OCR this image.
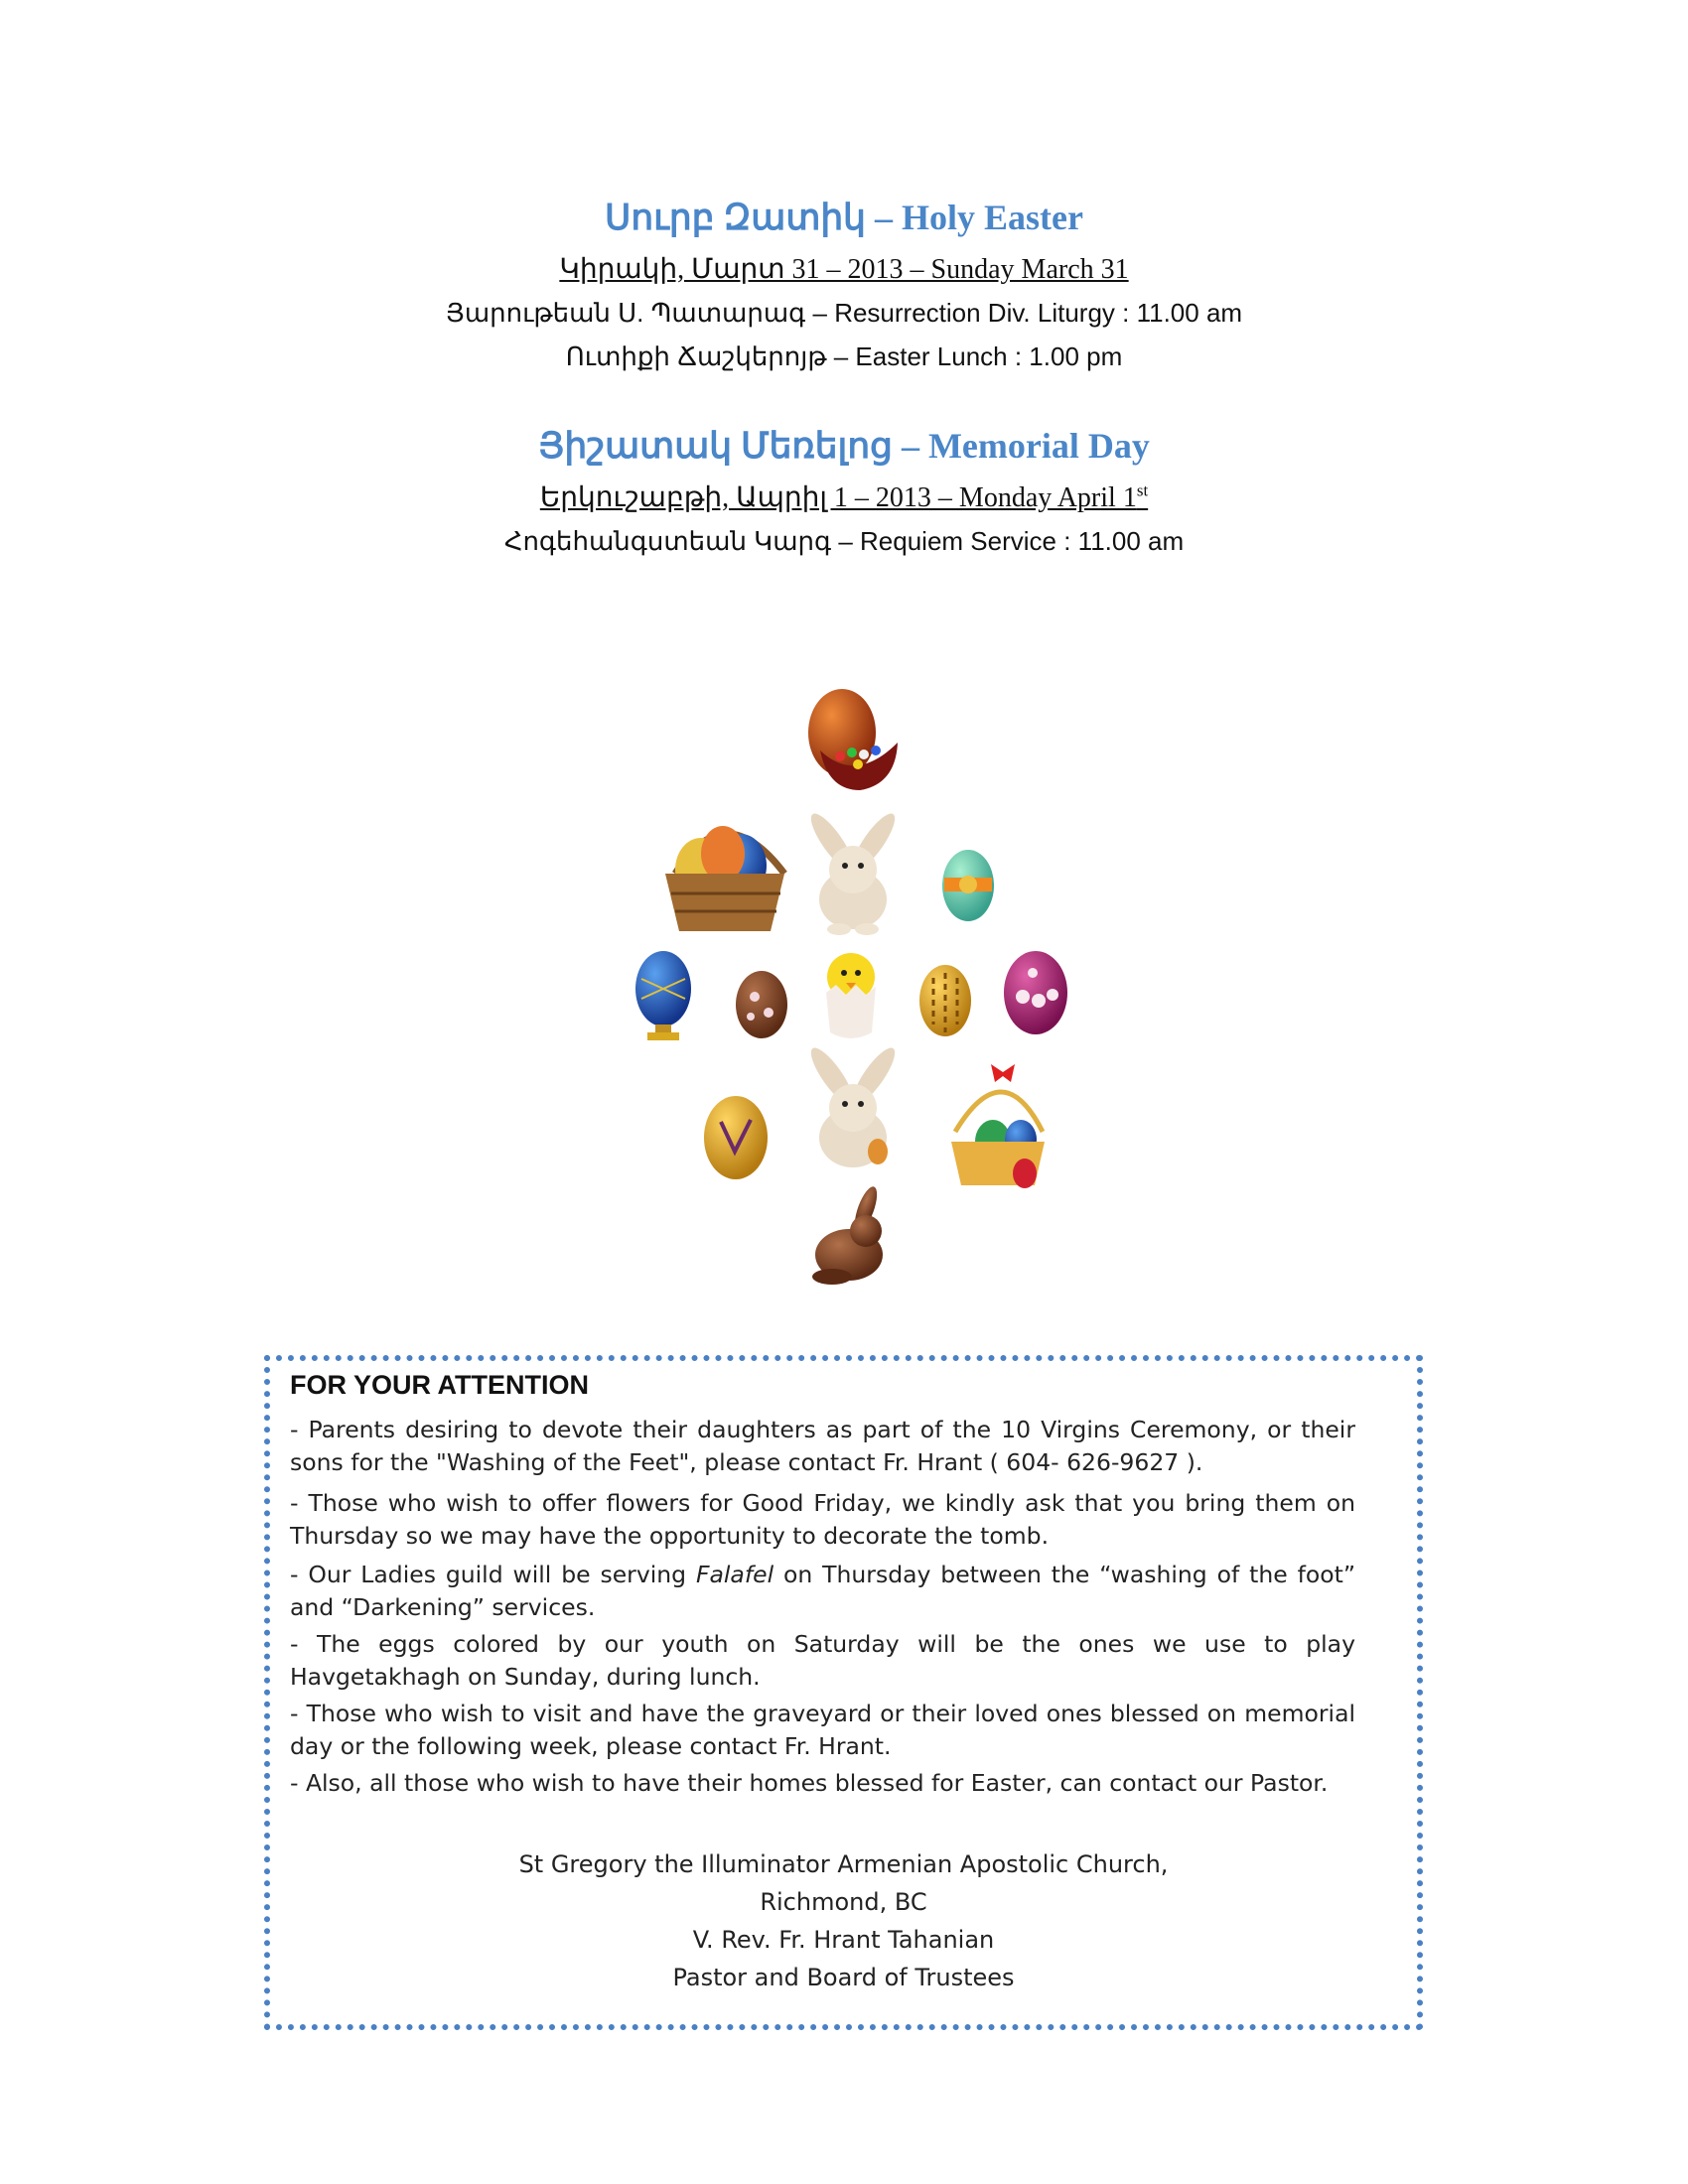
Սուրբ Զատիկ – Holy Easter
Կիրակի, Մարտ 31 – 2013 – Sunday March 31
Յարութեան Ս. Պատարագ – Resurrection Div. Liturgy : 11.00 am
Ուտիքի Ճաշկերոյթ – Easter Lunch : 1.00 pm
Յիշատակ Մեռելոց – Memorial Day
Երկուշաբթի, Ապրիլ 1 – 2013 – Monday April 1st
Հոգեհանգստեան Կարգ – Requiem Service : 11.00 am
FOR YOUR ATTENTION
- Parents desiring to devote their daughters as part of the 10 Virgins Ceremony, or their sons for the "Washing of the Feet", please contact Fr. Hrant ( 604- 626-9627 ).
- Those who wish to offer flowers for Good Friday, we kindly ask that you bring them on Thursday so we may have the opportunity to decorate the tomb.
- Our Ladies guild will be serving Falafel on Thursday between the “washing of the foot” and “Darkening” services.
- The eggs colored by our youth on Saturday will be the ones we use to play Havgetakhagh on Sunday, during lunch.
- Those who wish to visit and have the graveyard or their loved ones blessed on memorial day or the following week, please contact Fr. Hrant.
- Also, all those who wish to have their homes blessed for Easter, can contact our Pastor.
St Gregory the Illuminator Armenian Apostolic Church,
Richmond, BC
V. Rev. Fr. Hrant Tahanian
Pastor and Board of Trustees
